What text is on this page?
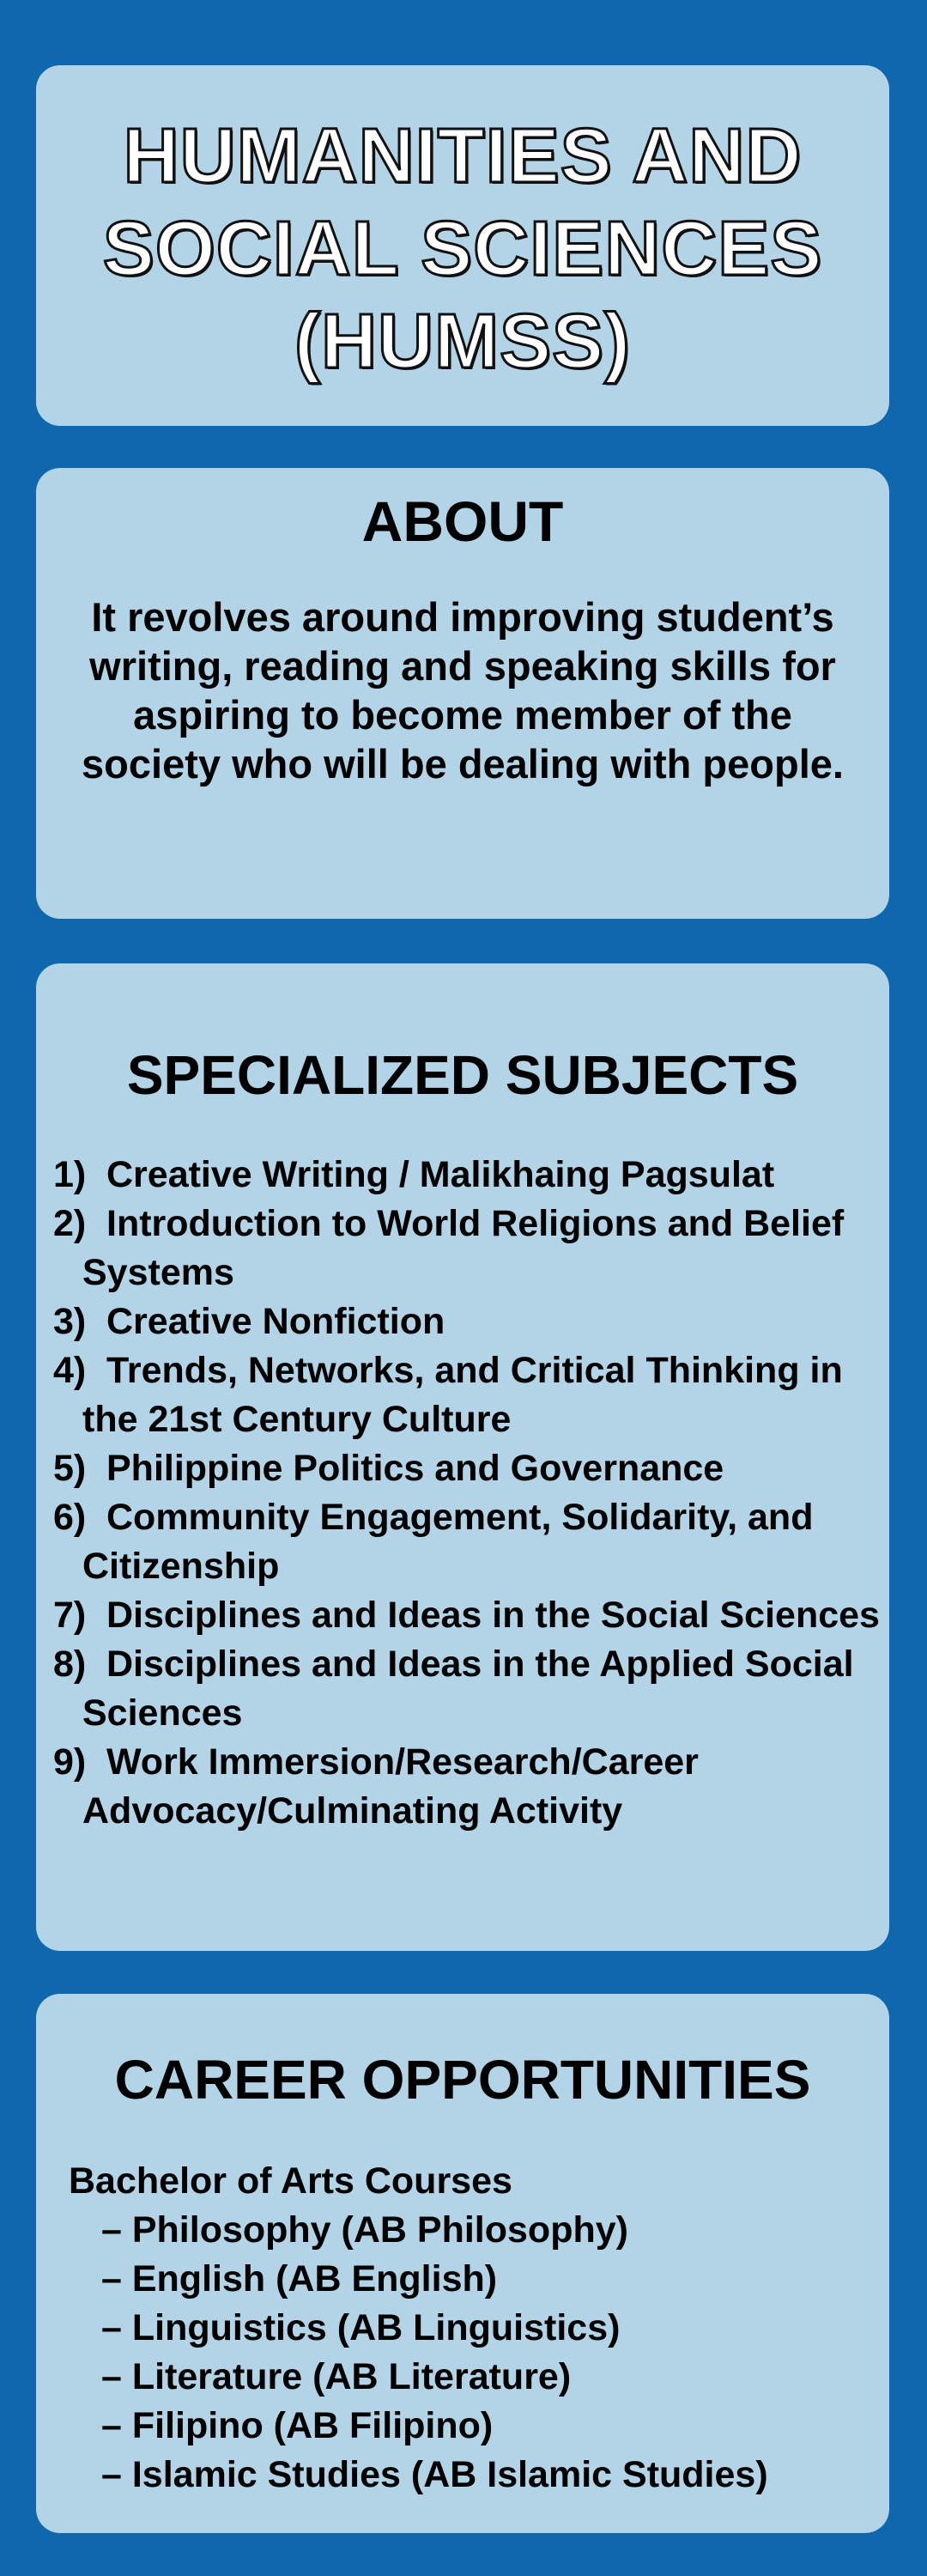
HUMANITIES AND
SOCIAL SCIENCES
(HUMSS)
ABOUT

It revolves around improving student’s writing, reading and speaking skills for aspiring to become member of the society who will be dealing with people.

SPECIALIZED SUBJECTS
1) Creative Writing / Malikhaing Pagsulat
2) Introduction to World Religions and Belief Systems
3) Creative Nonfiction
4) Trends, Networks, and Critical Thinking in the 21st Century Culture
5) Philippine Politics and Governance
6) Community Engagement, Solidarity, and Citizenship
7) Disciplines and Ideas in the Social Sciences
8) Disciplines and Ideas in the Applied Social Sciences
9) Work Immersion/Research/Career Advocacy/Culminating Activity
CAREER OPPORTUNITIES

Bachelor of Arts Courses

– Philosophy (AB Philosophy)
– English (AB English)
– Linguistics (AB Linguistics)
– Literature (AB Literature)
– Filipino (AB Filipino)
– Islamic Studies (AB Islamic Studies)
